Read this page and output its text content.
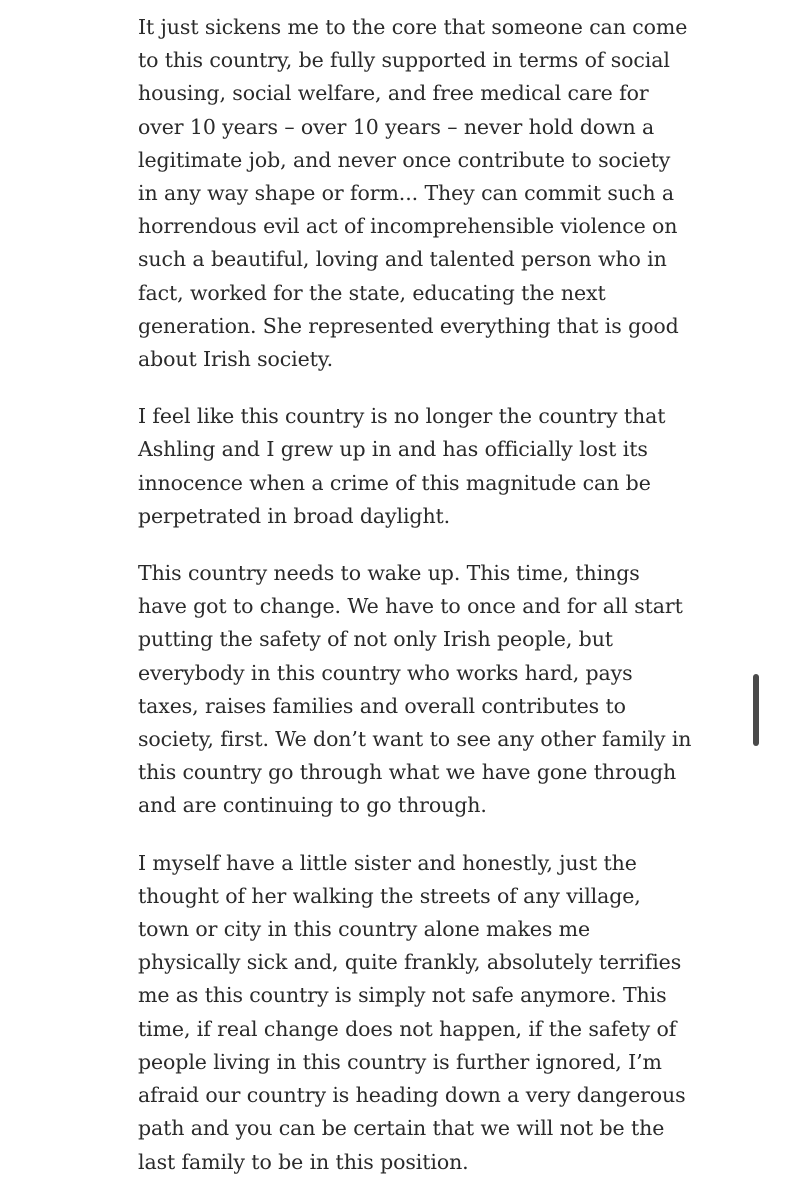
It just sickens me to the core that someone can come
to this country, be fully supported in terms of social
housing, social welfare, and free medical care for
over 10 years – over 10 years – never hold down a
legitimate job, and never once contribute to society
in any way shape or form... They can commit such a
horrendous evil act of incomprehensible violence on
such a beautiful, loving and talented person who in
fact, worked for the state, educating the next
generation. She represented everything that is good
about Irish society.

I feel like this country is no longer the country that
Ashling and I grew up in and has officially lost its
innocence when a crime of this magnitude can be
perpetrated in broad daylight.

This country needs to wake up. This time, things
have got to change. We have to once and for all start
putting the safety of not only Irish people, but
everybody in this country who works hard, pays
taxes, raises families and overall contributes to
society, first. We don’t want to see any other family in
this country go through what we have gone through
and are continuing to go through.

I myself have a little sister and honestly, just the
thought of her walking the streets of any village,
town or city in this country alone makes me
physically sick and, quite frankly, absolutely terrifies
me as this country is simply not safe anymore. This
time, if real change does not happen, if the safety of
people living in this country is further ignored, I’m
afraid our country is heading down a very dangerous
path and you can be certain that we will not be the
last family to be in this position.
